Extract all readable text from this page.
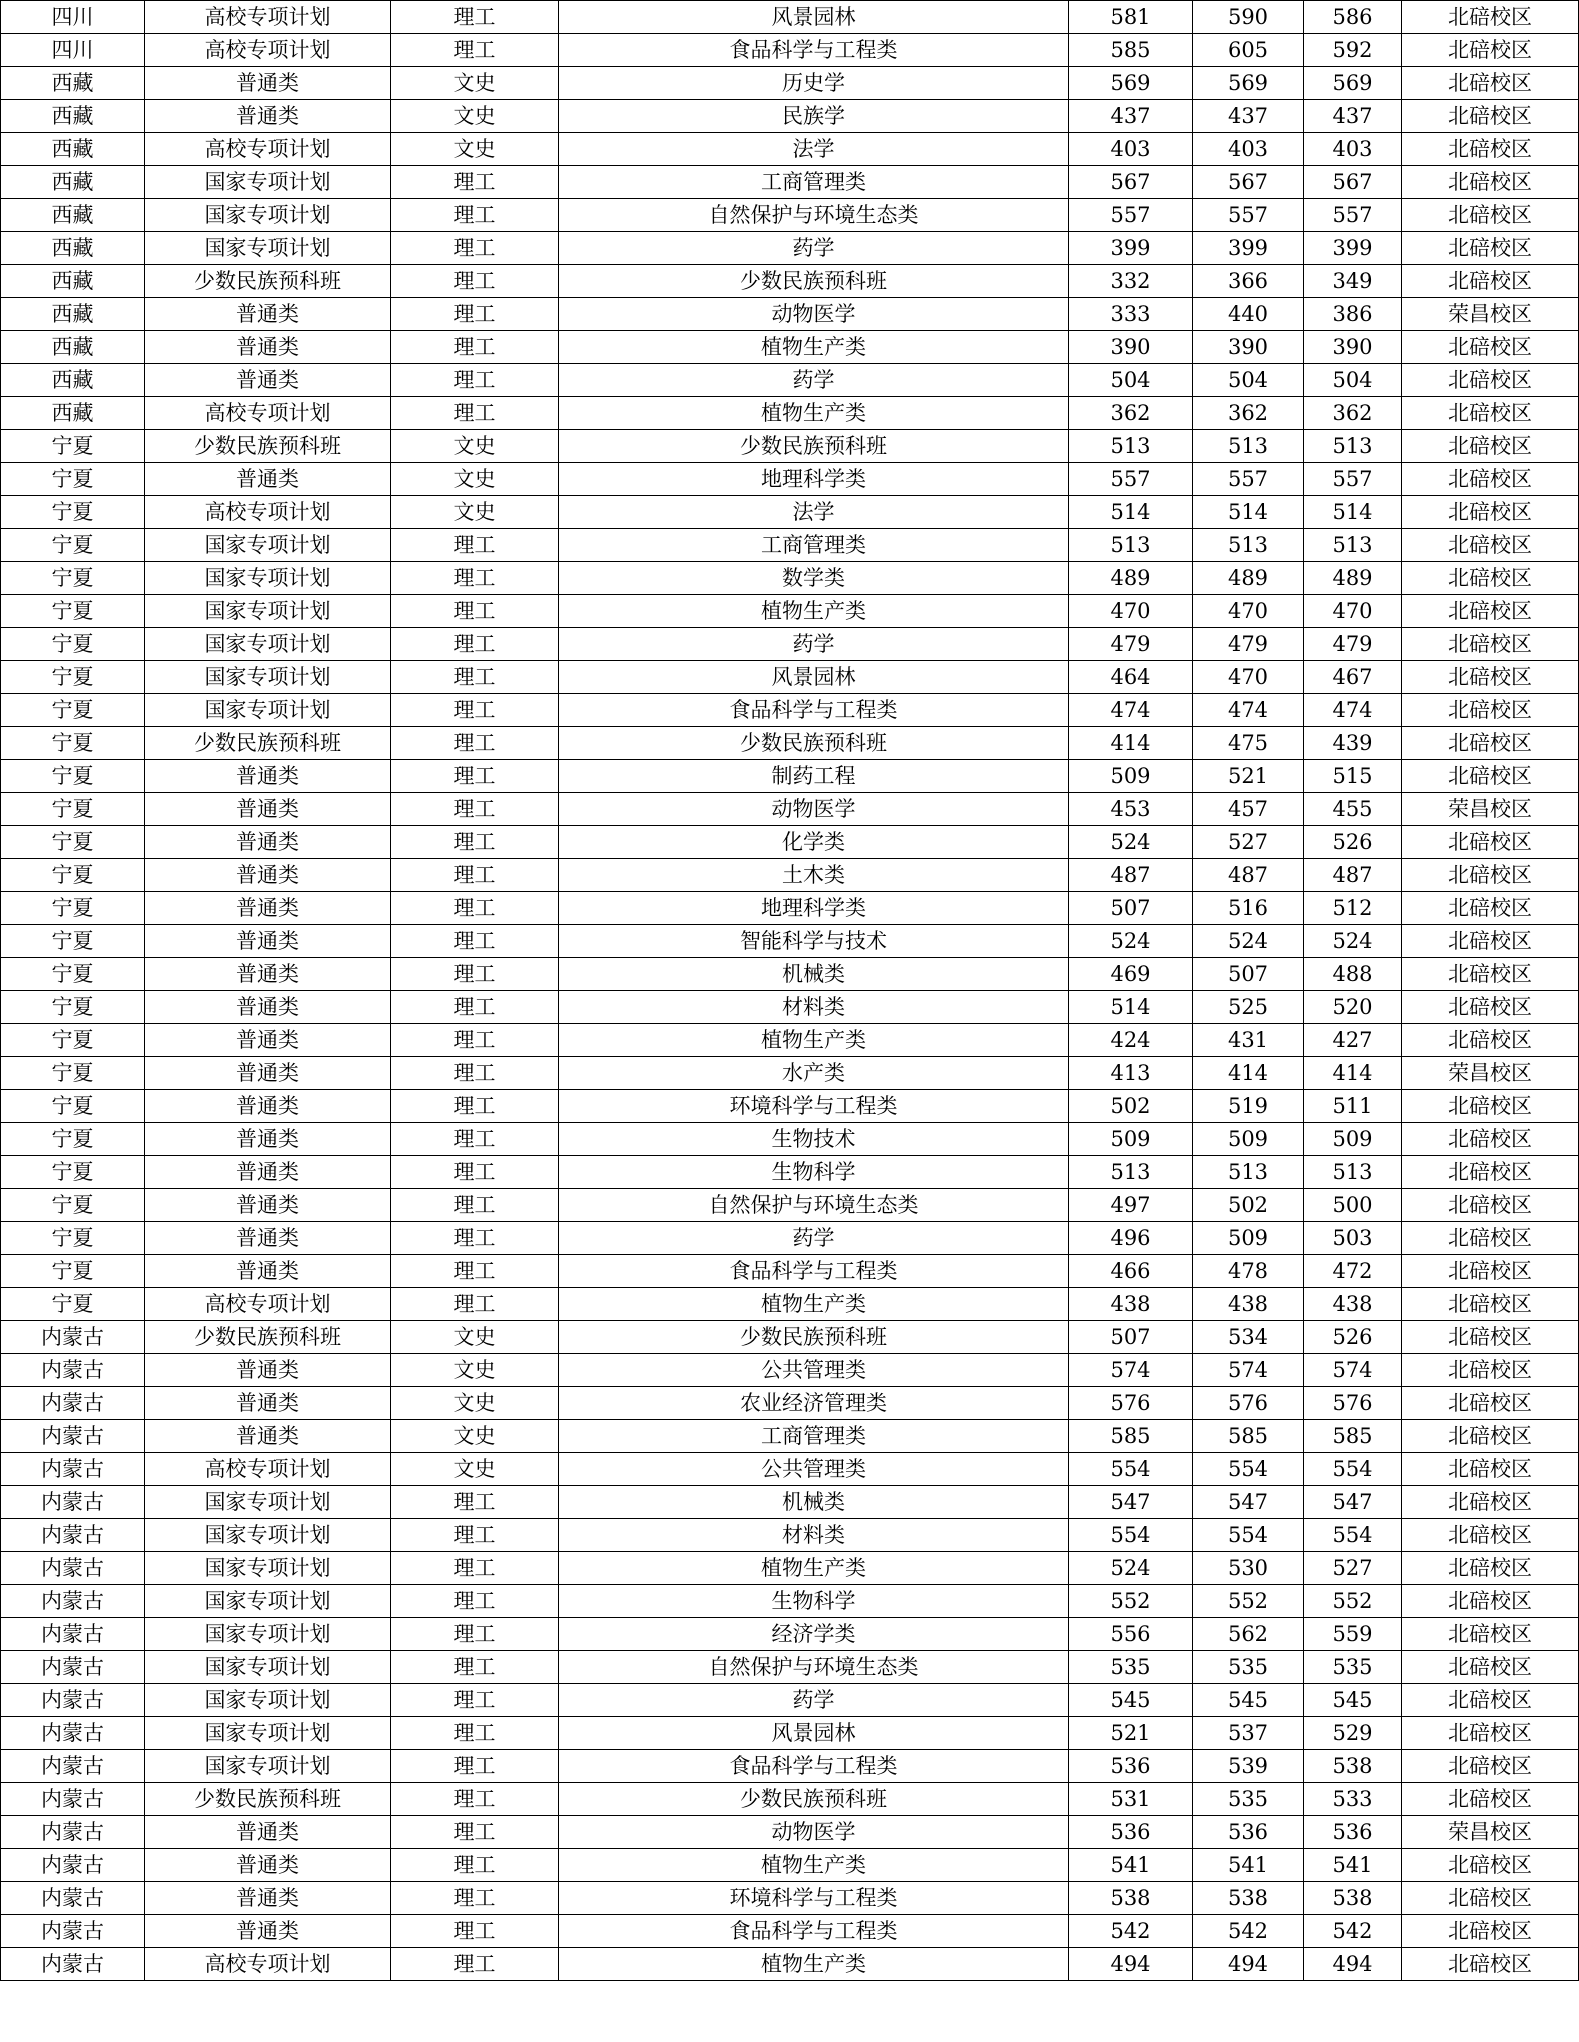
四川	高校专项计划	理工	风景园林	581	590	586	北碚校区
四川	高校专项计划	理工	食品科学与工程类	585	605	592	北碚校区
西藏	普通类	文史	历史学	569	569	569	北碚校区
西藏	普通类	文史	民族学	437	437	437	北碚校区
西藏	高校专项计划	文史	法学	403	403	403	北碚校区
西藏	国家专项计划	理工	工商管理类	567	567	567	北碚校区
西藏	国家专项计划	理工	自然保护与环境生态类	557	557	557	北碚校区
西藏	国家专项计划	理工	药学	399	399	399	北碚校区
西藏	少数民族预科班	理工	少数民族预科班	332	366	349	北碚校区
西藏	普通类	理工	动物医学	333	440	386	荣昌校区
西藏	普通类	理工	植物生产类	390	390	390	北碚校区
西藏	普通类	理工	药学	504	504	504	北碚校区
西藏	高校专项计划	理工	植物生产类	362	362	362	北碚校区
宁夏	少数民族预科班	文史	少数民族预科班	513	513	513	北碚校区
宁夏	普通类	文史	地理科学类	557	557	557	北碚校区
宁夏	高校专项计划	文史	法学	514	514	514	北碚校区
宁夏	国家专项计划	理工	工商管理类	513	513	513	北碚校区
宁夏	国家专项计划	理工	数学类	489	489	489	北碚校区
宁夏	国家专项计划	理工	植物生产类	470	470	470	北碚校区
宁夏	国家专项计划	理工	药学	479	479	479	北碚校区
宁夏	国家专项计划	理工	风景园林	464	470	467	北碚校区
宁夏	国家专项计划	理工	食品科学与工程类	474	474	474	北碚校区
宁夏	少数民族预科班	理工	少数民族预科班	414	475	439	北碚校区
宁夏	普通类	理工	制药工程	509	521	515	北碚校区
宁夏	普通类	理工	动物医学	453	457	455	荣昌校区
宁夏	普通类	理工	化学类	524	527	526	北碚校区
宁夏	普通类	理工	土木类	487	487	487	北碚校区
宁夏	普通类	理工	地理科学类	507	516	512	北碚校区
宁夏	普通类	理工	智能科学与技术	524	524	524	北碚校区
宁夏	普通类	理工	机械类	469	507	488	北碚校区
宁夏	普通类	理工	材料类	514	525	520	北碚校区
宁夏	普通类	理工	植物生产类	424	431	427	北碚校区
宁夏	普通类	理工	水产类	413	414	414	荣昌校区
宁夏	普通类	理工	环境科学与工程类	502	519	511	北碚校区
宁夏	普通类	理工	生物技术	509	509	509	北碚校区
宁夏	普通类	理工	生物科学	513	513	513	北碚校区
宁夏	普通类	理工	自然保护与环境生态类	497	502	500	北碚校区
宁夏	普通类	理工	药学	496	509	503	北碚校区
宁夏	普通类	理工	食品科学与工程类	466	478	472	北碚校区
宁夏	高校专项计划	理工	植物生产类	438	438	438	北碚校区
内蒙古	少数民族预科班	文史	少数民族预科班	507	534	526	北碚校区
内蒙古	普通类	文史	公共管理类	574	574	574	北碚校区
内蒙古	普通类	文史	农业经济管理类	576	576	576	北碚校区
内蒙古	普通类	文史	工商管理类	585	585	585	北碚校区
内蒙古	高校专项计划	文史	公共管理类	554	554	554	北碚校区
内蒙古	国家专项计划	理工	机械类	547	547	547	北碚校区
内蒙古	国家专项计划	理工	材料类	554	554	554	北碚校区
内蒙古	国家专项计划	理工	植物生产类	524	530	527	北碚校区
内蒙古	国家专项计划	理工	生物科学	552	552	552	北碚校区
内蒙古	国家专项计划	理工	经济学类	556	562	559	北碚校区
内蒙古	国家专项计划	理工	自然保护与环境生态类	535	535	535	北碚校区
内蒙古	国家专项计划	理工	药学	545	545	545	北碚校区
内蒙古	国家专项计划	理工	风景园林	521	537	529	北碚校区
内蒙古	国家专项计划	理工	食品科学与工程类	536	539	538	北碚校区
内蒙古	少数民族预科班	理工	少数民族预科班	531	535	533	北碚校区
内蒙古	普通类	理工	动物医学	536	536	536	荣昌校区
内蒙古	普通类	理工	植物生产类	541	541	541	北碚校区
内蒙古	普通类	理工	环境科学与工程类	538	538	538	北碚校区
内蒙古	普通类	理工	食品科学与工程类	542	542	542	北碚校区
内蒙古	高校专项计划	理工	植物生产类	494	494	494	北碚校区
